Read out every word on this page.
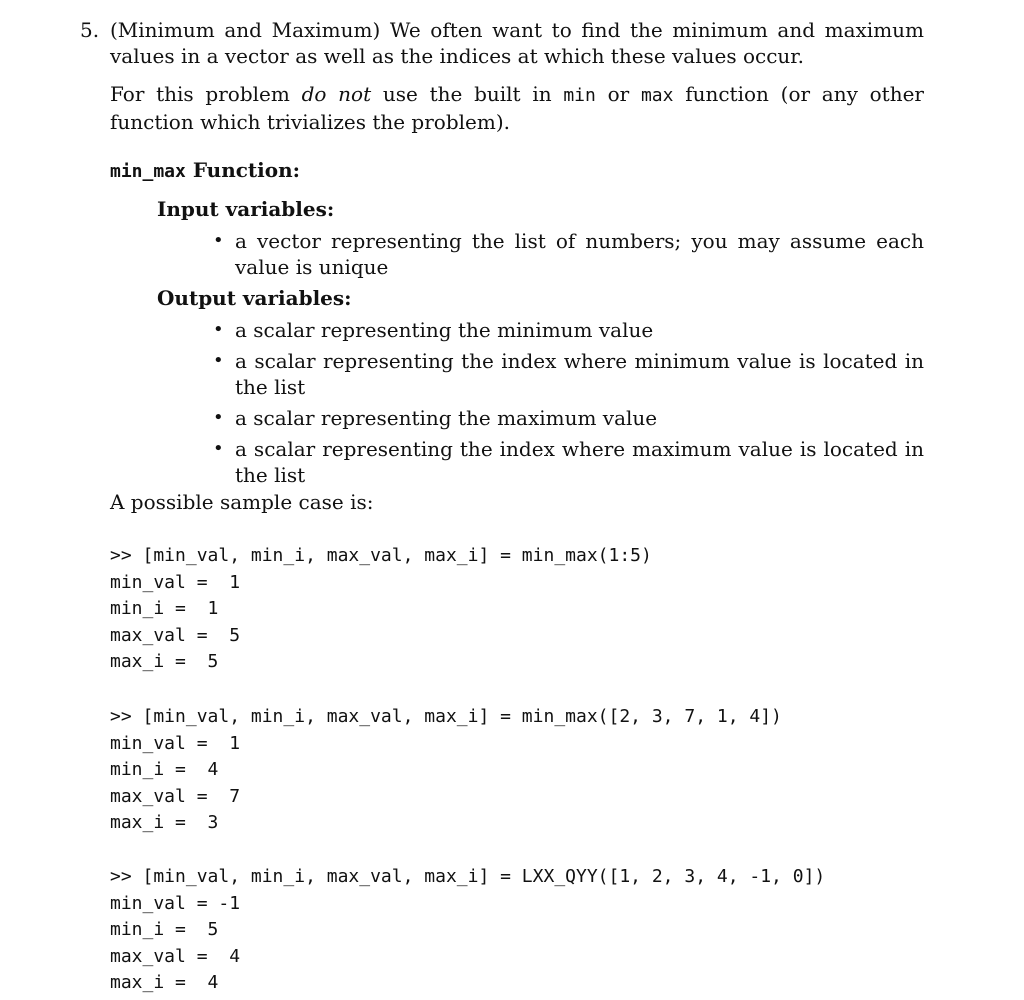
5. (Minimum and Maximum) We often want to find the minimum and maximum values in a vector as well as the indices at which these values occur.
For this problem do not use the built in min or max function (or any other function which trivializes the problem).
min_max Function:
Input variables:
• a vector representing the list of numbers; you may assume each value is unique
Output variables:
• a scalar representing the minimum value
• a scalar representing the index where minimum value is located in the list
• a scalar representing the maximum value
• a scalar representing the index where maximum value is located in the list
A possible sample case is:
>> [min_val, min_i, max_val, max_i] = min_max(1:5)
min_val =  1
min_i =  1
max_val =  5
max_i =  5
>> [min_val, min_i, max_val, max_i] = min_max([2, 3, 7, 1, 4])
min_val =  1
min_i =  4
max_val =  7
max_i =  3
>> [min_val, min_i, max_val, max_i] = LXX_QYY([1, 2, 3, 4, -1, 0])
min_val = -1
min_i =  5
max_val =  4
max_i =  4
